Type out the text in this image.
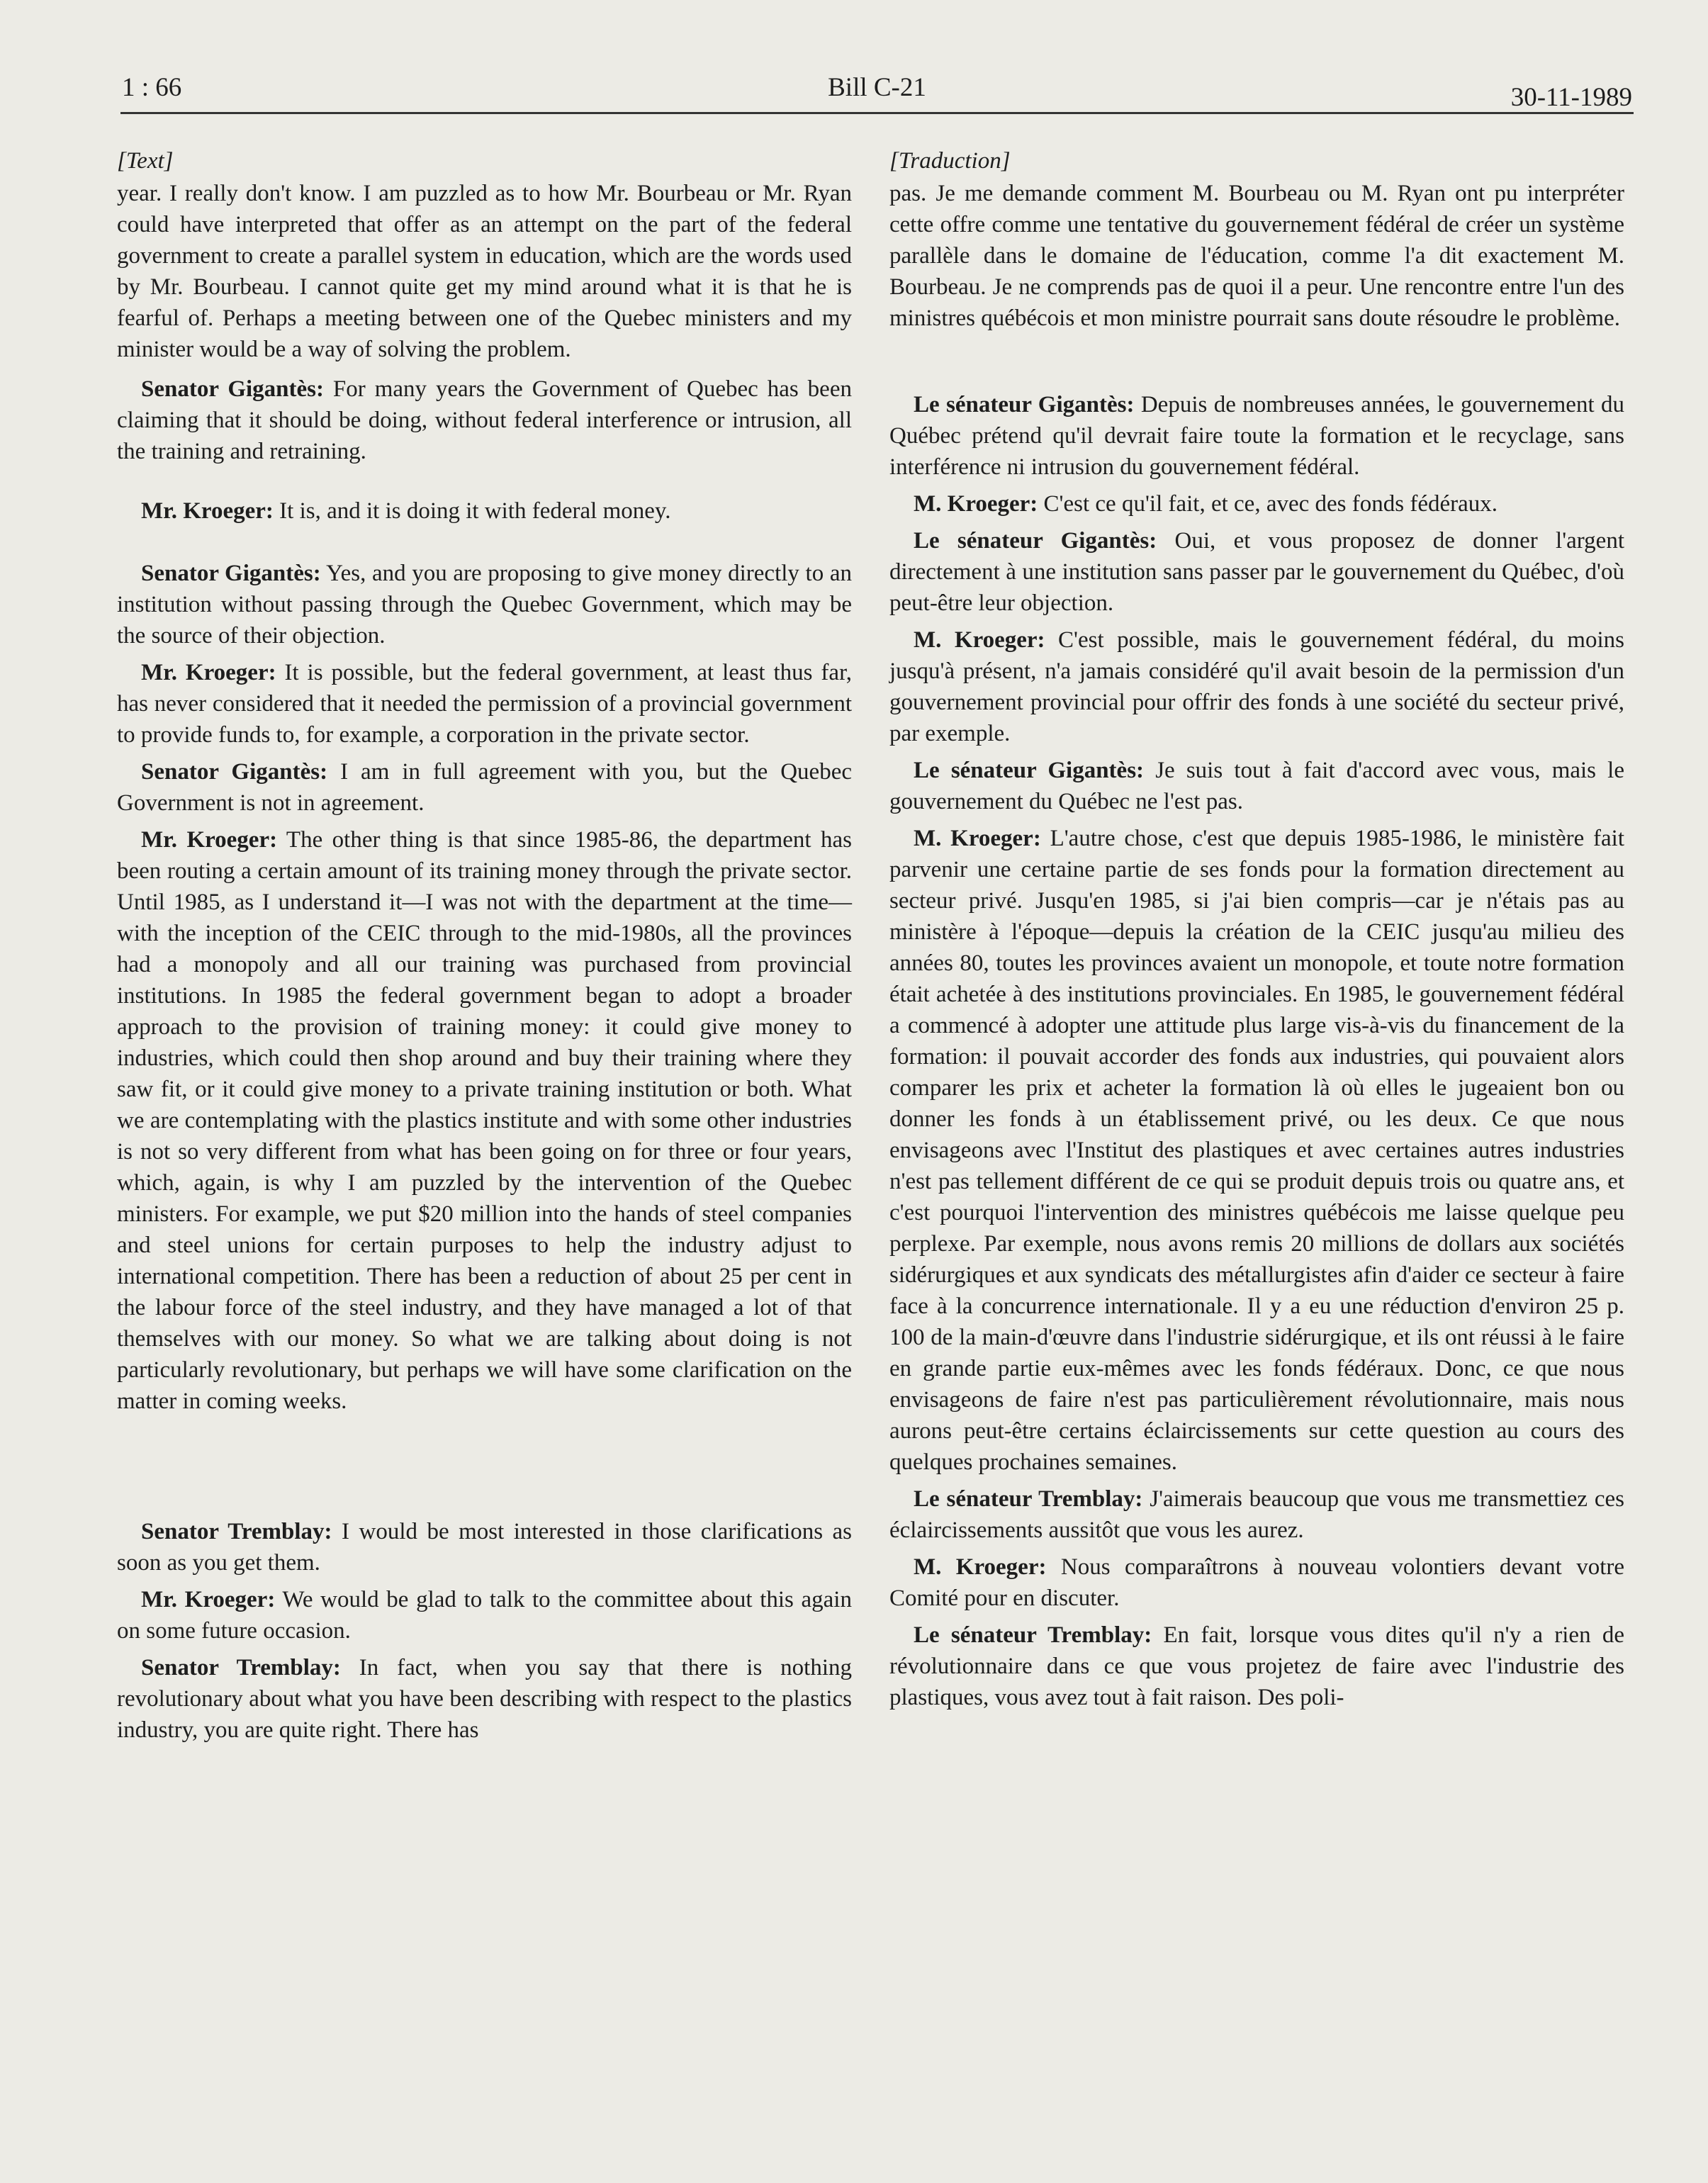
1 : 66	Bill C-21	30-11-1989
[Text]

year. I really don't know. I am puzzled as to how Mr. Bourbeau or Mr. Ryan could have interpreted that offer as an attempt on the part of the federal government to create a parallel system in education, which are the words used by Mr. Bourbeau. I cannot quite get my mind around what it is that he is fearful of. Perhaps a meeting between one of the Quebec ministers and my minister would be a way of solving the problem.

Senator Gigantès: For many years the Government of Quebec has been claiming that it should be doing, without federal interference or intrusion, all the training and retraining.

Mr. Kroeger: It is, and it is doing it with federal money.

Senator Gigantès: Yes, and you are proposing to give money directly to an institution without passing through the Quebec Government, which may be the source of their objection.

Mr. Kroeger: It is possible, but the federal government, at least thus far, has never considered that it needed the permission of a provincial government to provide funds to, for example, a corporation in the private sector.

Senator Gigantès: I am in full agreement with you, but the Quebec Government is not in agreement.

Mr. Kroeger: The other thing is that since 1985-86, the department has been routing a certain amount of its training money through the private sector. Until 1985, as I understand it—I was not with the department at the time—with the inception of the CEIC through to the mid-1980s, all the provinces had a monopoly and all our training was purchased from provincial institutions. In 1985 the federal government began to adopt a broader approach to the provision of training money: it could give money to industries, which could then shop around and buy their training where they saw fit, or it could give money to a private training institution or both. What we are contemplating with the plastics institute and with some other industries is not so very different from what has been going on for three or four years, which, again, is why I am puzzled by the intervention of the Quebec ministers. For example, we put $20 million into the hands of steel companies and steel unions for certain purposes to help the industry adjust to international competition. There has been a reduction of about 25 per cent in the labour force of the steel industry, and they have managed a lot of that themselves with our money. So what we are talking about doing is not particularly revolutionary, but perhaps we will have some clarification on the matter in coming weeks.

Senator Tremblay: I would be most interested in those clarifications as soon as you get them.

Mr. Kroeger: We would be glad to talk to the committee about this again on some future occasion.

Senator Tremblay: In fact, when you say that there is nothing revolutionary about what you have been describing with respect to the plastics industry, you are quite right. There has

[Traduction]

pas. Je me demande comment M. Bourbeau ou M. Ryan ont pu interpréter cette offre comme une tentative du gouvernement fédéral de créer un système parallèle dans le domaine de l'éducation, comme l'a dit exactement M. Bourbeau. Je ne comprends pas de quoi il a peur. Une rencontre entre l'un des ministres québécois et mon ministre pourrait sans doute résoudre le problème.

Le sénateur Gigantès: Depuis de nombreuses années, le gouvernement du Québec prétend qu'il devrait faire toute la formation et le recyclage, sans interférence ni intrusion du gouvernement fédéral.

M. Kroeger: C'est ce qu'il fait, et ce, avec des fonds fédéraux.

Le sénateur Gigantès: Oui, et vous proposez de donner l'argent directement à une institution sans passer par le gouvernement du Québec, d'où peut-être leur objection.

M. Kroeger: C'est possible, mais le gouvernement fédéral, du moins jusqu'à présent, n'a jamais considéré qu'il avait besoin de la permission d'un gouvernement provincial pour offrir des fonds à une société du secteur privé, par exemple.

Le sénateur Gigantès: Je suis tout à fait d'accord avec vous, mais le gouvernement du Québec ne l'est pas.

M. Kroeger: L'autre chose, c'est que depuis 1985-1986, le ministère fait parvenir une certaine partie de ses fonds pour la formation directement au secteur privé. Jusqu'en 1985, si j'ai bien compris—car je n'étais pas au ministère à l'époque—depuis la création de la CEIC jusqu'au milieu des années 80, toutes les provinces avaient un monopole, et toute notre formation était achetée à des institutions provinciales. En 1985, le gouvernement fédéral a commencé à adopter une attitude plus large vis-à-vis du financement de la formation: il pouvait accorder des fonds aux industries, qui pouvaient alors comparer les prix et acheter la formation là où elles le jugeaient bon ou donner les fonds à un établissement privé, ou les deux. Ce que nous envisageons avec l'Institut des plastiques et avec certaines autres industries n'est pas tellement différent de ce qui se produit depuis trois ou quatre ans, et c'est pourquoi l'intervention des ministres québécois me laisse quelque peu perplexe. Par exemple, nous avons remis 20 millions de dollars aux sociétés sidérurgiques et aux syndicats des métallurgistes afin d'aider ce secteur à faire face à la concurrence internationale. Il y a eu une réduction d'environ 25 p. 100 de la main-d'œuvre dans l'industrie sidérurgique, et ils ont réussi à le faire en grande partie eux-mêmes avec les fonds fédéraux. Donc, ce que nous envisageons de faire n'est pas particulièrement révolutionnaire, mais nous aurons peut-être certains éclaircissements sur cette question au cours des quelques prochaines semaines.

Le sénateur Tremblay: J'aimerais beaucoup que vous me transmettiez ces éclaircissements aussitôt que vous les aurez.

M. Kroeger: Nous comparaîtrons à nouveau volontiers devant votre Comité pour en discuter.

Le sénateur Tremblay: En fait, lorsque vous dites qu'il n'y a rien de révolutionnaire dans ce que vous projetez de faire avec l'industrie des plastiques, vous avez tout à fait raison. Des poli-
